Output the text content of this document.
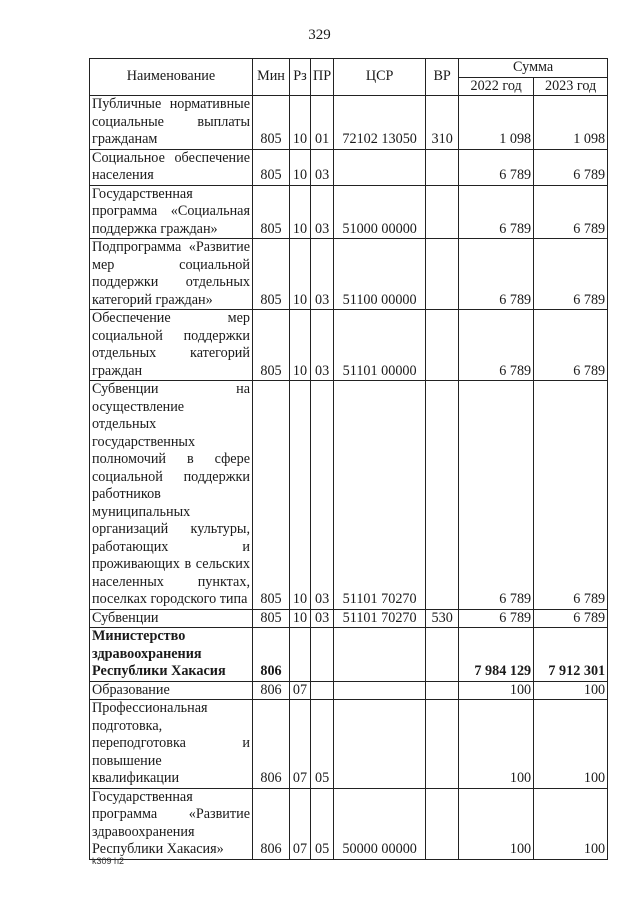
329
Наименование	Мин	Рз	ПР	ЦСР	ВР	Сумма	
						2022 год	2023 год
Публичные нормативные социальные выплаты гражданам	805	10	01	72102 13050	310	1 098	1 098
Социальное обеспечение населения	805	10	03			6 789	6 789
Государственная программа «Социальная поддержка граждан»	805	10	03	51000 00000		6 789	6 789
Подпрограмма «Развитие мер социальной поддержки отдельных категорий граждан»	805	10	03	51100 00000		6 789	6 789
Обеспечение мер социальной поддержки отдельных категорий граждан	805	10	03	51101 00000		6 789	6 789
Субвенции на осуществление отдельных государственных полномочий в сфере социальной поддержки работников муниципальных организаций культуры, работающих и проживающих в сельских населенных пунктах, поселках городского типа	805	10	03	51101 70270		6 789	6 789
Субвенции	805	10	03	51101 70270	530	6 789	6 789
Министерство здравоохранения Республики Хакасия	806					7 984 129	7 912 301
Образование	806	07				100	100
Профессиональная подготовка, переподготовка и повышение квалификации	806	07	05			100	100
Государственная программа «Развитие здравоохранения Республики Хакасия»	806	07	05	50000 00000		100	100
k309 h2
